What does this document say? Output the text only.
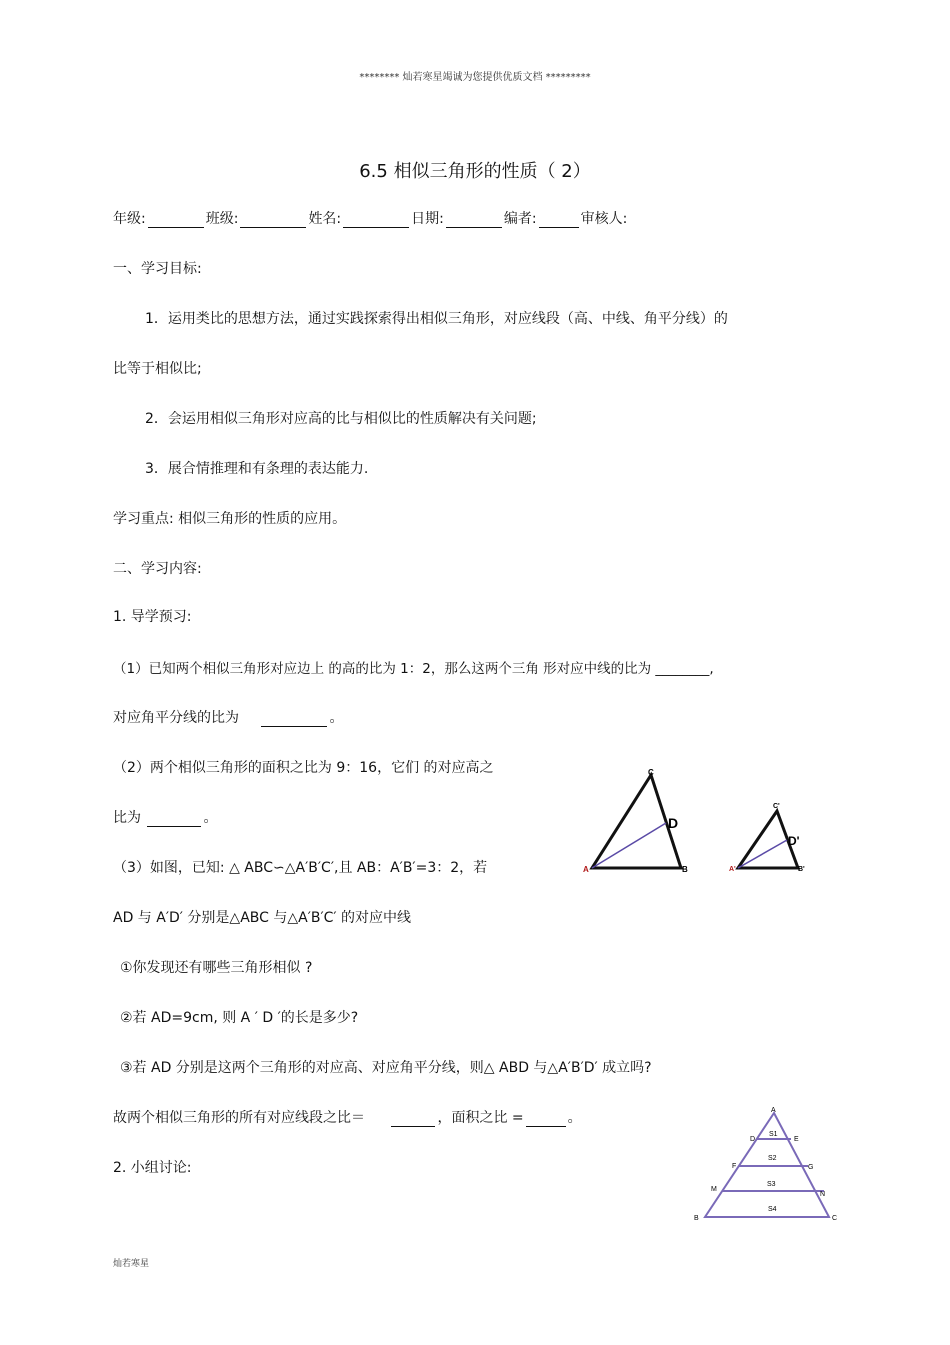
******** 灿若寒星竭诚为您提供优质文档 *********
6.5 相似三角形的性质（ 2）
年级:	班级:	姓名:	日期:	编者:	审核人:
一、学习目标:
1．运用类比的思想方法，通过实践探索得出相似三角形，对应线段（高、中线、角平分线）的
比等于相似比;
2．会运用相似三角形对应高的比与相似比的性质解决有关问题;
3．展合情推理和有条理的表达能力.
学习重点: 相似三角形的性质的应用。
二、学习内容:
1. 导学预习:
（1）已知两个相似三角形对应边上 的高的比为 1：2，那么这两个三角 形对应中线的比为 ________,
对应角平分线的比为	。
（2）两个相似三角形的面积之比为 9：16，它们 的对应高之
比为	。
（3）如图，已知: △ ABC∽△A′B′C′,且 AB：A′B′=3：2，若
AD 与 A′D′ 分别是△ABC 与△A′B′C′ 的对应中线
①你发现还有哪些三角形相似 ?
②若 AD=9cm, 则 A ′ D ′的长是多少?
③若 AD 分别是这两个三角形的对应高、对应角平分线，则△ ABD 与△A′B′D′ 成立吗?
故两个相似三角形的所有对应线段之比＝	，面积之比 =	。
2. 小组讨论:
C
D
A	B
C'
D'
A'	B'
A
D	E
F	G
M
N
B	C
S1
S2
S3
S4
灿若寒星
